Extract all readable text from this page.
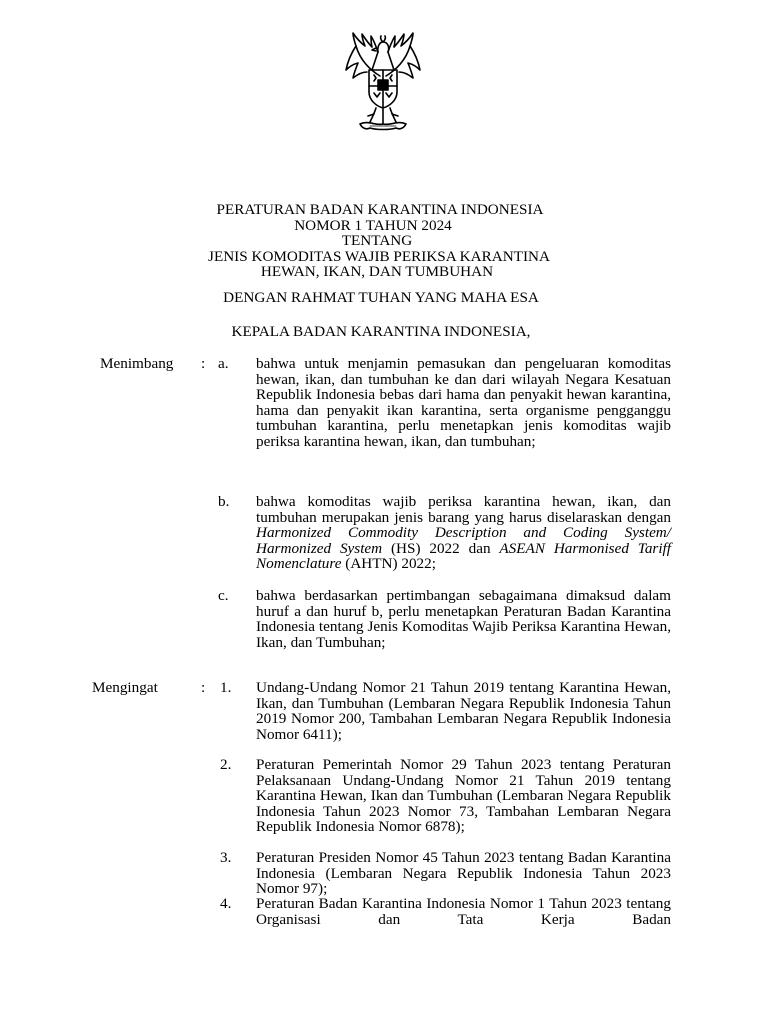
PERATURAN BADAN KARANTINA INDONESIA
NOMOR 1 TAHUN 2024
TENTANG
JENIS KOMODITAS WAJIB PERIKSA KARANTINA
HEWAN, IKAN, DAN TUMBUHAN
DENGAN RAHMAT TUHAN YANG MAHA ESA
KEPALA BADAN KARANTINA INDONESIA,
Menimbang : a. bahwa untuk menjamin pemasukan dan pengeluaran komoditas hewan, ikan, dan tumbuhan ke dan dari wilayah Negara Kesatuan Republik Indonesia bebas dari hama dan penyakit hewan karantina, hama dan penyakit ikan karantina, serta organisme pengganggu tumbuhan karantina, perlu menetapkan jenis komoditas wajib periksa karantina hewan, ikan, dan tumbuhan;
b. bahwa komoditas wajib periksa karantina hewan, ikan, dan tumbuhan merupakan jenis barang yang harus diselaraskan dengan Harmonized Commodity Description and Coding System/ Harmonized System (HS) 2022 dan ASEAN Harmonised Tariff Nomenclature (AHTN) 2022;
c. bahwa berdasarkan pertimbangan sebagaimana dimaksud dalam huruf a dan huruf b, perlu menetapkan Peraturan Badan Karantina Indonesia tentang Jenis Komoditas Wajib Periksa Karantina Hewan, Ikan, dan Tumbuhan;
Mengingat	: 1. Undang-Undang Nomor 21 Tahun 2019 tentang Karantina Hewan, Ikan, dan Tumbuhan (Lembaran Negara Republik Indonesia Tahun 2019 Nomor 200, Tambahan Lembaran Negara Republik Indonesia Nomor 6411);
2. Peraturan Pemerintah Nomor 29 Tahun 2023 tentang Peraturan Pelaksanaan Undang-Undang Nomor 21 Tahun 2019 tentang Karantina Hewan, Ikan dan Tumbuhan (Lembaran Negara Republik Indonesia Tahun 2023 Nomor 73, Tambahan Lembaran Negara Republik Indonesia Nomor 6878);
3. Peraturan Presiden Nomor 45 Tahun 2023 tentang Badan Karantina Indonesia (Lembaran Negara Republik Indonesia Tahun 2023 Nomor 97);
4. Peraturan Badan Karantina Indonesia Nomor 1 Tahun 2023 tentang Organisasi dan Tata Kerja Badan
